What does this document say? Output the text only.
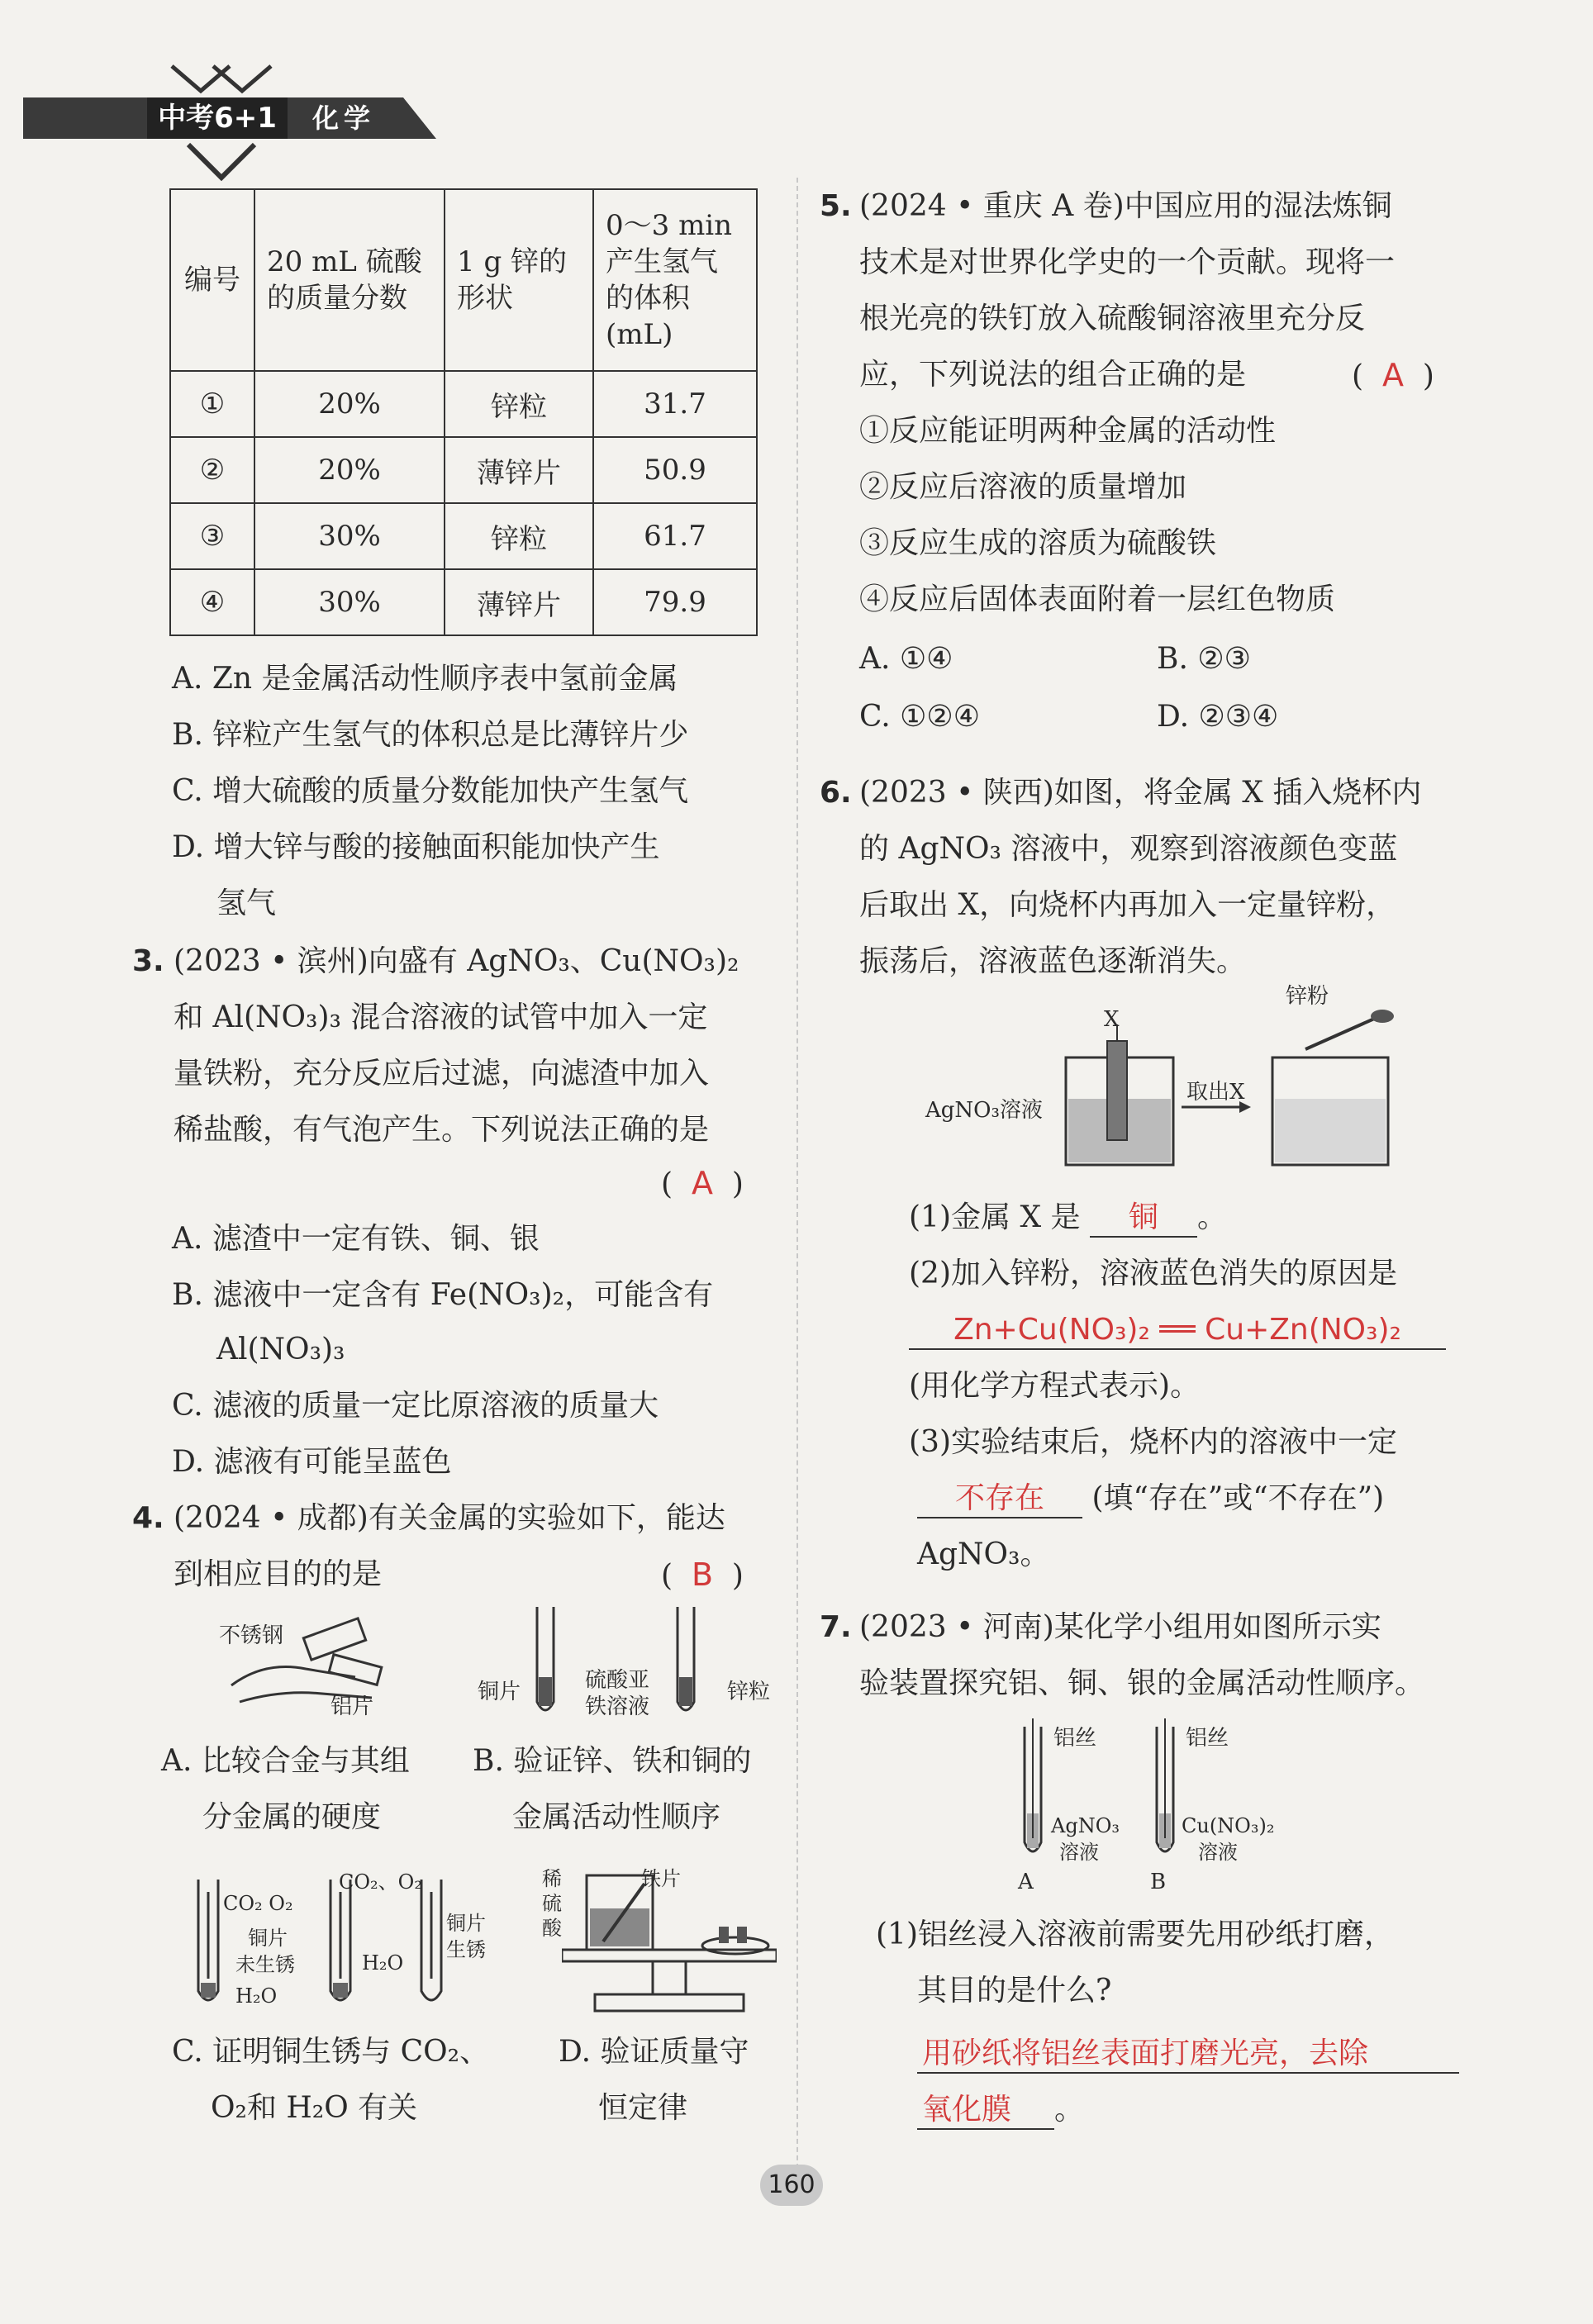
中考6+1	化学
编号	20 mL 硫酸的质量分数	1 g 锌的形状	0～3 min 产生氢气的体积(mL)
①	20%	锌粒	31.7
②	20%	薄锌片	50.9
③	30%	锌粒	61.7
④	30%	薄锌片	79.9
A. Zn 是金属活动性顺序表中氢前金属
B. 锌粒产生氢气的体积总是比薄锌片少
C. 增大硫酸的质量分数能加快产生氢气
D. 增大锌与酸的接触面积能加快产生
氢气
3. (2023 • 滨州)向盛有 AgNO₃、Cu(NO₃)₂
和 Al(NO₃)₃ 混合溶液的试管中加入一定
量铁粉，充分反应后过滤，向滤渣中加入
稀盐酸，有气泡产生。下列说法正确的是
(  A  )
A. 滤渣中一定有铁、铜、银
B. 滤液中一定含有 Fe(NO₃)₂，可能含有
Al(NO₃)₃
C. 滤液的质量一定比原溶液的质量大
D. 滤液有可能呈蓝色
4. (2024 • 成都)有关金属的实验如下，能达
到相应目的的是	(  B  )
不锈钢
铝片
A. 比较合金与其组
分金属的硬度
铜片	硫酸亚
铁溶液
锌粒
B. 验证锌、铁和铜的
金属活动性顺序
CO₂ O₂
CO₂、O₂
铜片
未生锈
H₂O
H₂O
铜片
生锈
C. 证明铜生锈与 CO₂、
O₂和 H₂O 有关
稀
硫
酸
铁片
D. 验证质量守
恒定律
5. (2024 • 重庆 A 卷)中国应用的湿法炼铜
技术是对世界化学史的一个贡献。现将一
根光亮的铁钉放入硫酸铜溶液里充分反
应，下列说法的组合正确的是	(  A  )
①反应能证明两种金属的活动性
②反应后溶液的质量增加
③反应生成的溶质为硫酸铁
④反应后固体表面附着一层红色物质
A. ①④	B. ②③
C. ①②④	D. ②③④
6. (2023 • 陕西)如图，将金属 X 插入烧杯内
的 AgNO₃ 溶液中，观察到溶液颜色变蓝
后取出 X，向烧杯内再加入一定量锌粉，
振荡后，溶液蓝色逐渐消失。
X
AgNO₃溶液
取出X
锌粉
(1)金属 X 是 铜 。
(2)加入锌粉，溶液蓝色消失的原因是
Zn+Cu(NO₃)₂ ══ Cu+Zn(NO₃)₂
(用化学方程式表示)。
(3)实验结束后，烧杯内的溶液中一定
不存在 (填“存在”或“不存在”)
AgNO₃。
7. (2023 • 河南)某化学小组用如图所示实
验装置探究铝、铜、银的金属活动性顺序。
铝丝	铝丝
AgNO₃
溶液
Cu(NO₃)₂
溶液
A	B
(1)铝丝浸入溶液前需要先用砂纸打磨，
其目的是什么?
用砂纸将铝丝表面打磨光亮，去除
氧化膜 。
160
